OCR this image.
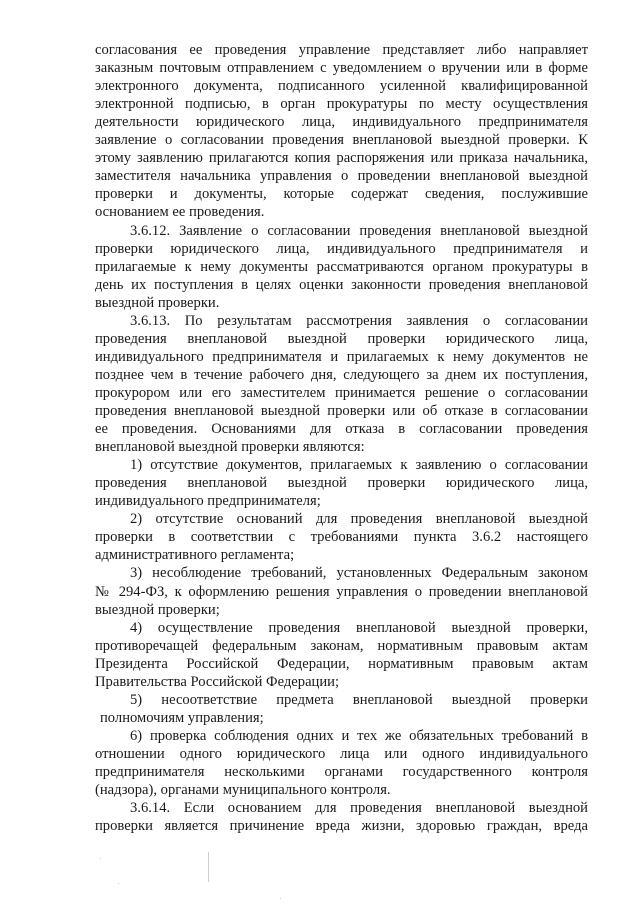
согласования ее проведения управление представляет либо направляет
заказным почтовым отправлением с уведомлением о вручении или в форме
электронного документа, подписанного усиленной квалифицированной
электронной подписью, в орган прокуратуры по месту осуществления
деятельности юридического лица, индивидуального предпринимателя
заявление о согласовании проведения внеплановой выездной проверки. К
этому заявлению прилагаются копия распоряжения или приказа начальника,
заместителя начальника управления о проведении внеплановой выездной
проверки и документы, которые содержат сведения, послужившие
основанием ее проведения.
3.6.12. Заявление о согласовании проведения внеплановой выездной
проверки юридического лица, индивидуального предпринимателя и
прилагаемые к нему документы рассматриваются органом прокуратуры в
день их поступления в целях оценки законности проведения внеплановой
выездной проверки.
3.6.13. По результатам рассмотрения заявления о согласовании
проведения внеплановой выездной проверки юридического лица,
индивидуального предпринимателя и прилагаемых к нему документов не
позднее чем в течение рабочего дня, следующего за днем их поступления,
прокурором или его заместителем принимается решение о согласовании
проведения внеплановой выездной проверки или об отказе в согласовании
ее проведения. Основаниями для отказа в согласовании проведения
внеплановой выездной проверки являются:
1) отсутствие документов, прилагаемых к заявлению о согласовании
проведения внеплановой выездной проверки юридического лица,
индивидуального предпринимателя;
2) отсутствие оснований для проведения внеплановой выездной
проверки в соответствии с требованиями пункта 3.6.2 настоящего
административного регламента;
3) несоблюдение требований, установленных Федеральным законом
№ 294-ФЗ, к оформлению решения управления о проведении внеплановой
выездной проверки;
4) осуществление проведения внеплановой выездной проверки,
противоречащей федеральным законам, нормативным правовым актам
Президента Российской Федерации, нормативным правовым актам
Правительства Российской Федерации;
5) несоответствие предмета внеплановой выездной проверки
полномочиям управления;
6) проверка соблюдения одних и тех же обязательных требований в
отношении одного юридического лица или одного индивидуального
предпринимателя несколькими органами государственного контроля
(надзора), органами муниципального контроля.
3.6.14. Если основанием для проведения внеплановой выездной
проверки является причинение вреда жизни, здоровью граждан, вреда
